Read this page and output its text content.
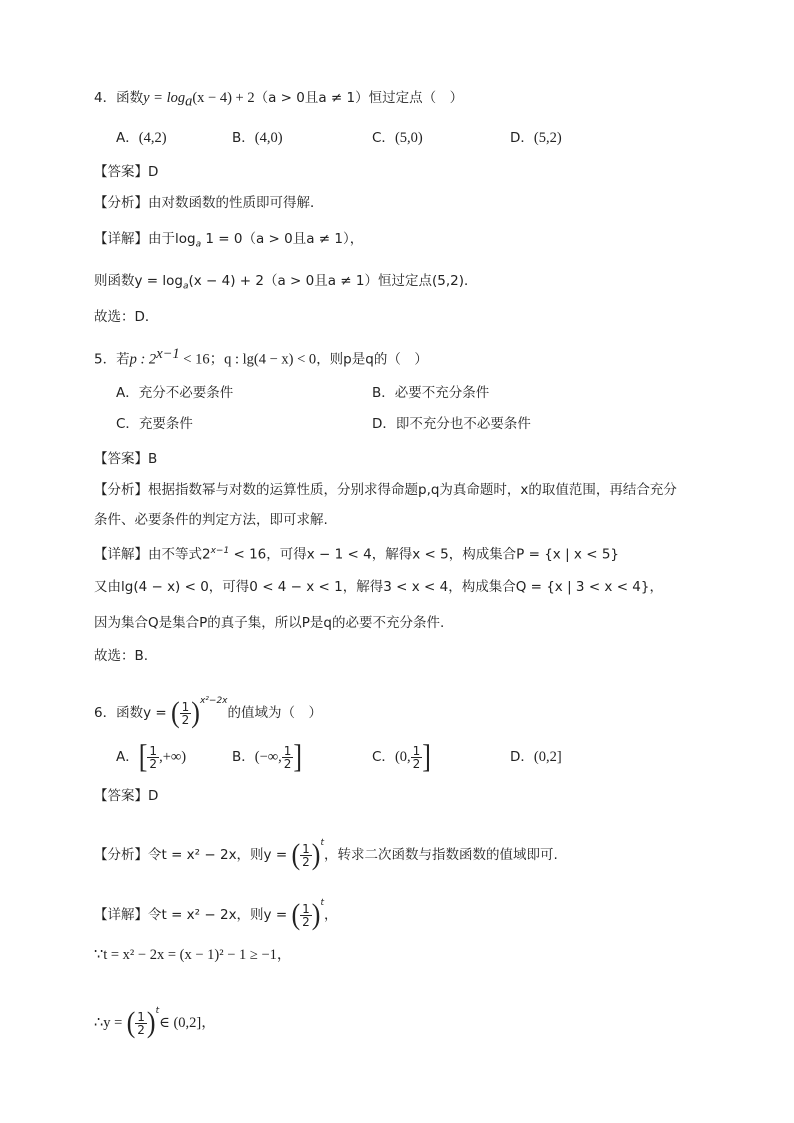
4．函数$y = \log_a(x - 4) + 2(a > 0$且a ≠ 1）恒过定点（　）
A．(4,2)	B．(4,0)	C．(5,0)	D．(5,2)
【答案】D
【分析】由对数函数的性质即可得解．
【详解】由于$\log_a 1 = 0(a > 0$且a ≠ 1），
则函数$y = \log_a(x - 4) + 2(a > 0$且a ≠ 1）恒过定点(5,2)．
故选：D．
5．若p : $2^{x-1} < 16$；q : lg(4 − x) < 0，则p是q的（　）
A．充分不必要条件	B．必要不充分条件
C．充要条件	D．即不充分也不必要条件
【答案】B
【分析】根据指数幂与对数的运算性质，分别求得命题p,q为真命题时，x的取值范围，再结合充分
条件、必要条件的判定方法，即可求解.
【详解】由不等式$2^{x-1} < 16$，可得x − 1 < 4，解得x < 5，构成集合P = {x | x < 5}
又由lg(4 − x) < 0，可得0 < 4 − x < 1，解得3 < x < 4，构成集合Q = {x | 3 < x < 4}，
因为集合Q是集合P的真子集，所以P是q的必要不充分条件.
故选：B.
6．函数y = ( $\frac{1}{2} )^{x^2-2x}$的值域为（　）
A．[ $\frac{1}{2}$ ,+∞)	B．(−∞, $\frac{1}{2}$ ]	C．(0, $\frac{1}{2}$ ]	D．(0,2]
【答案】D
【分析】令t = x² − 2x，则y = ( $\frac{1}{2} )^t$，转求二次函数与指数函数的值域即可.
【详解】令t = x² − 2x，则y = ( $\frac{1}{2} )^t$，
∵t = x² − 2x = (x − 1)² − 1 ≥ −1，
∴y = ( $\frac{1}{2}$ )$^t$∈ (0,2]，
